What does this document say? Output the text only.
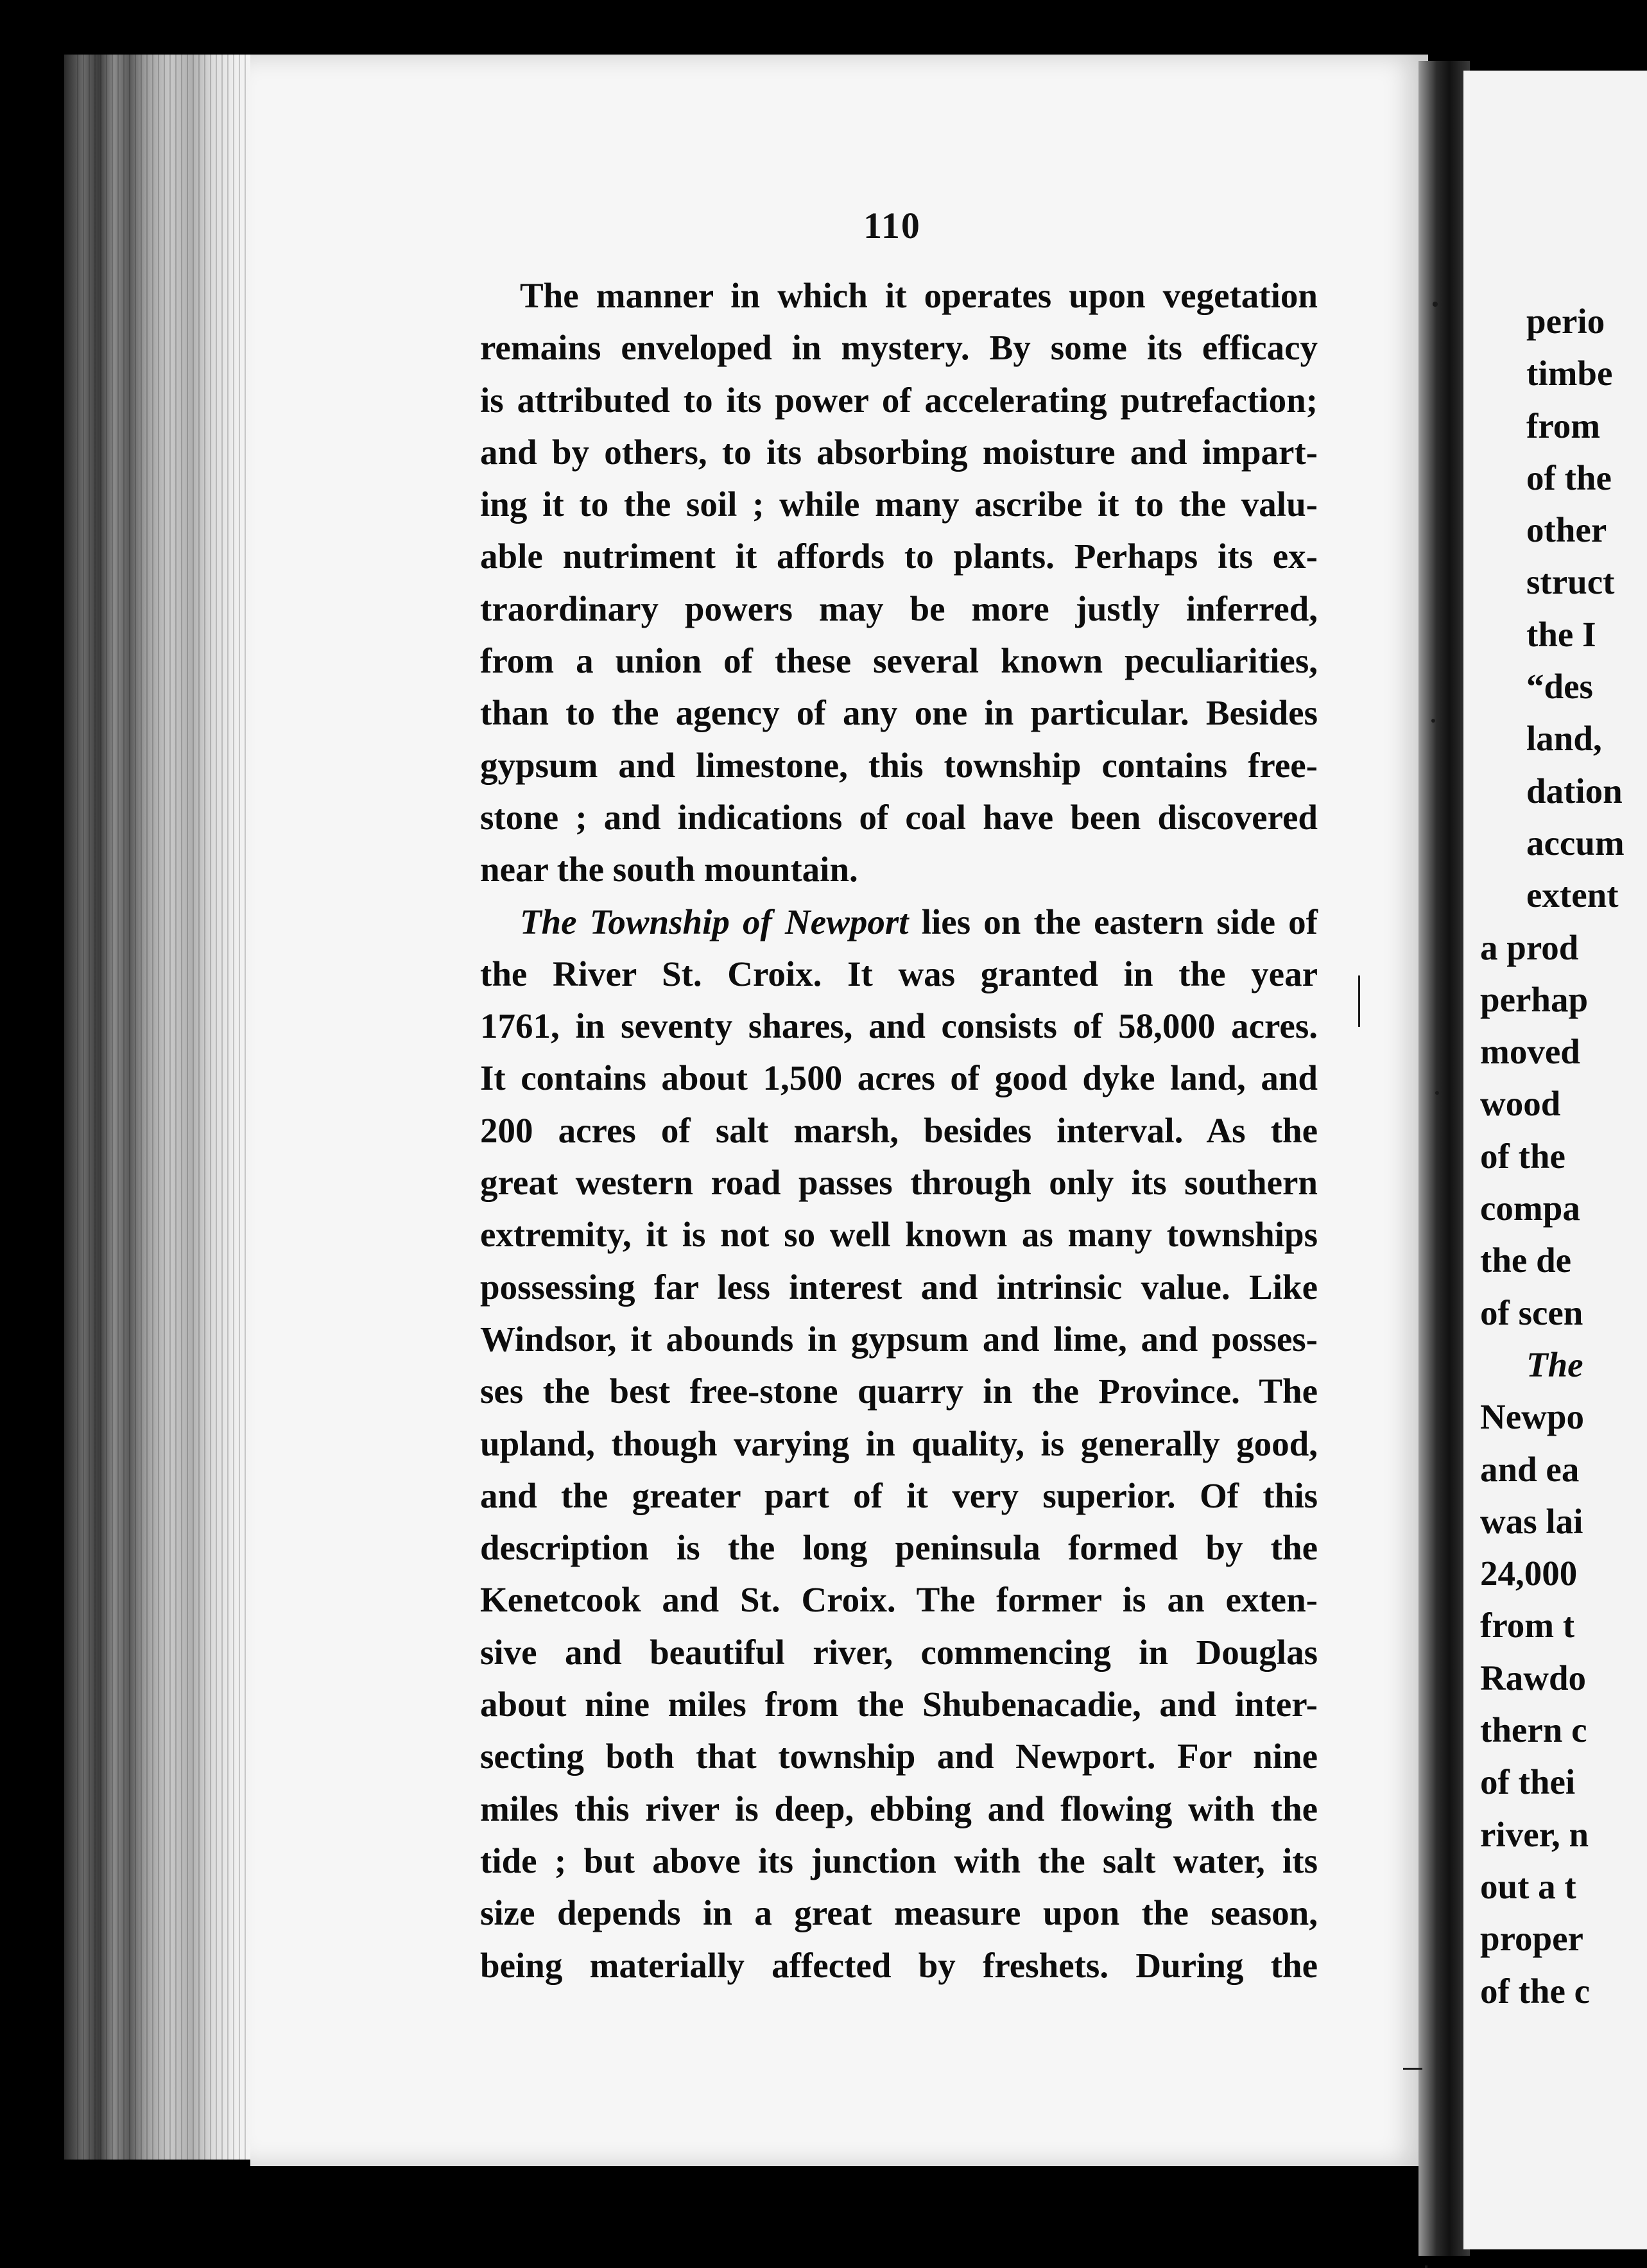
110
The manner in which it operates upon vegetation
remains enveloped in mystery. By some its efficacy
is attributed to its power of accelerating putrefaction;
and by others, to its absorbing moisture and impart-
ing it to the soil ; while many ascribe it to the valu-
able nutriment it affords to plants. Perhaps its ex-
traordinary powers may be more justly inferred,
from a union of these several known peculiarities,
than to the agency of any one in particular. Besides
gypsum and limestone, this township contains free-
stone ; and indications of coal have been discovered
near the south mountain.
The Township of Newport lies on the eastern side of
the River St. Croix. It was granted in the year
1761, in seventy shares, and consists of 58,000 acres.
It contains about 1,500 acres of good dyke land, and
200 acres of salt marsh, besides interval. As the
great western road passes through only its southern
extremity, it is not so well known as many townships
possessing far less interest and intrinsic value. Like
Windsor, it abounds in gypsum and lime, and posses-
ses the best free-stone quarry in the Province. The
upland, though varying in quality, is generally good,
and the greater part of it very superior. Of this
description is the long peninsula formed by the
Kenetcook and St. Croix. The former is an exten-
sive and beautiful river, commencing in Douglas
about nine miles from the Shubenacadie, and inter-
secting both that township and Newport. For nine
miles this river is deep, ebbing and flowing with the
tide ; but above its junction with the salt water, its
size depends in a great measure upon the season,
being materially affected by freshets. During the
perio
timbe
from
of the
other
struct
the I
“des
land,
dation
accum
extent
a prod
perhap
moved
wood
of the
compa
the de
of scen
The
Newpo
and ea
was lai
24,000
from t
Rawdo
thern c
of thei
river, n
out a t
proper
of the c
